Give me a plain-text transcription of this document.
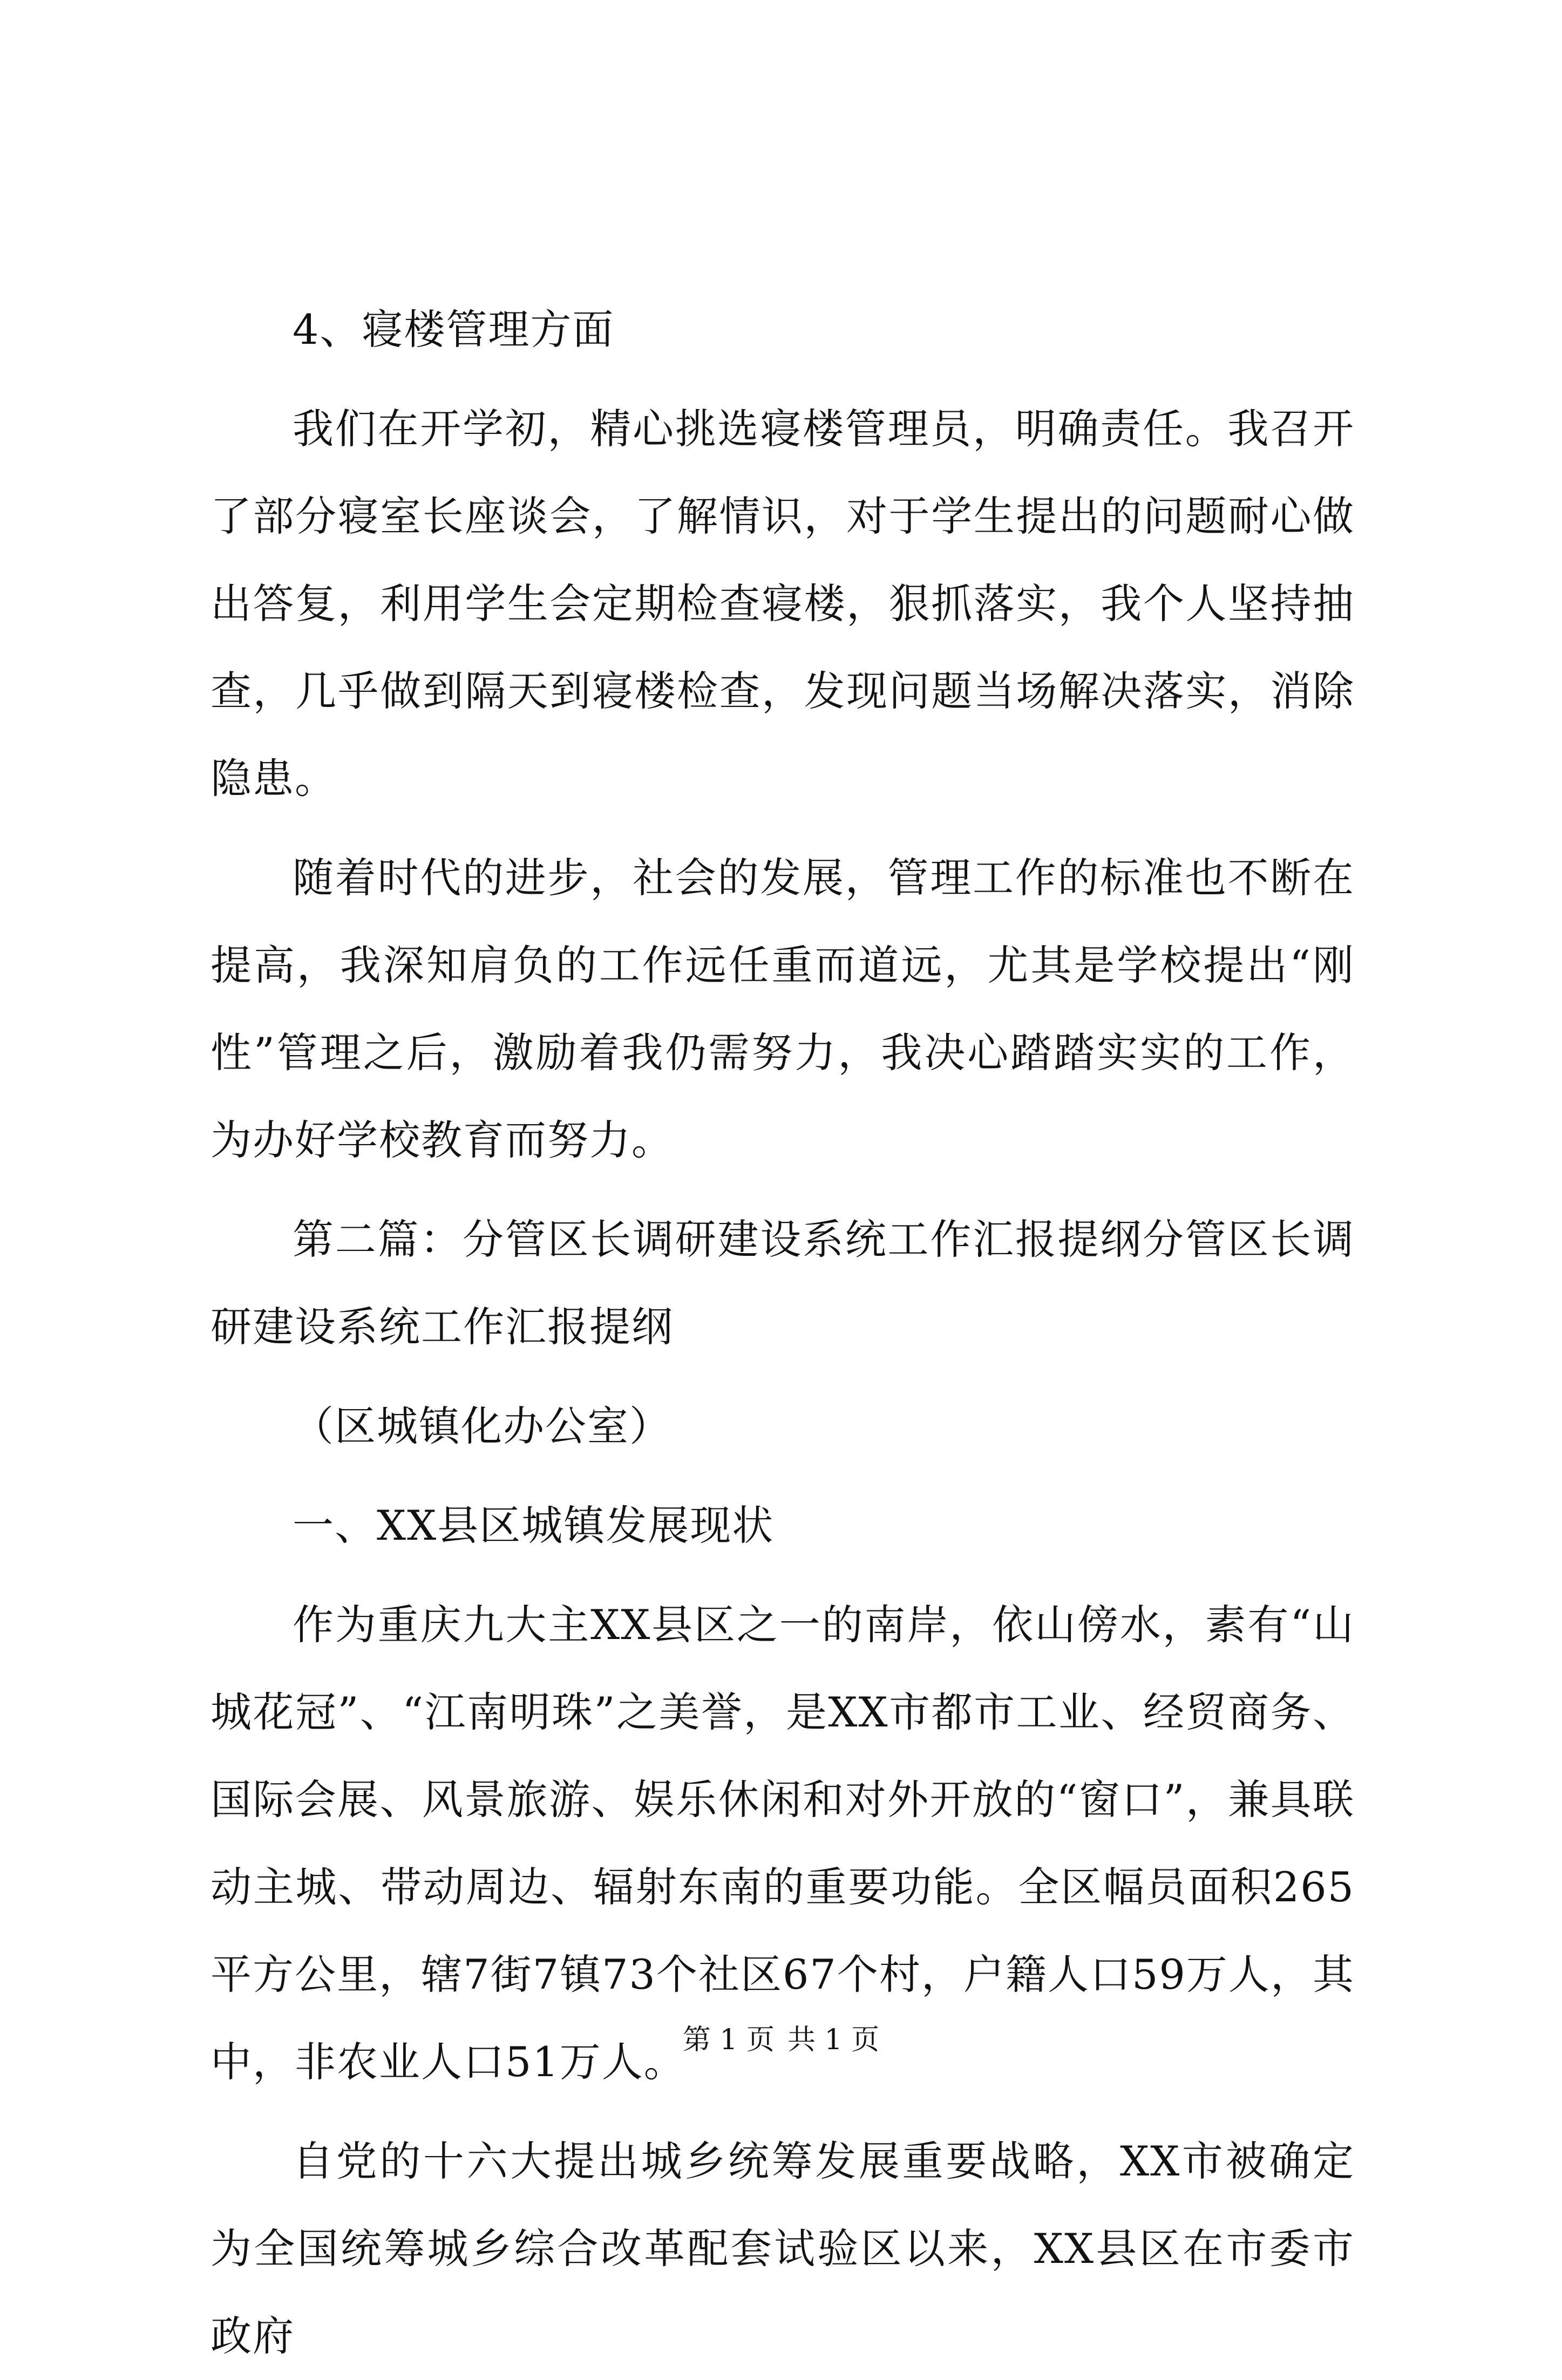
4、寝楼管理方面

我们在开学初，精心挑选寝楼管理员，明确责任。我召开了部分寝室长座谈会，了解情识，对于学生提出的问题耐心做出答复，利用学生会定期检查寝楼，狠抓落实，我个人坚持抽查，几乎做到隔天到寝楼检查，发现问题当场解决落实，消除隐患。

随着时代的进步，社会的发展，管理工作的标准也不断在提高，我深知肩负的工作远任重而道远，尤其是学校提出“刚性”管理之后，激励着我仍需努力，我决心踏踏实实的工作，为办好学校教育而努力。

第二篇：分管区长调研建设系统工作汇报提纲分管区长调研建设系统工作汇报提纲

（区城镇化办公室）

一、XX县区城镇发展现状

作为重庆九大主XX县区之一的南岸，依山傍水，素有“山城花冠”、“江南明珠”之美誉，是XX市都市工业、经贸商务、国际会展、风景旅游、娱乐休闲和对外开放的“窗口”，兼具联动主城、带动周边、辐射东南的重要功能。全区幅员面积265平方公里，辖7街7镇73个社区67个村，户籍人口59万人，其中，非农业人口51万人。

自党的十六大提出城乡统筹发展重要战略，XX市被确定为全国统筹城乡综合改革配套试验区以来，XX县区在市委市政府

第 1 页 共 1 页
